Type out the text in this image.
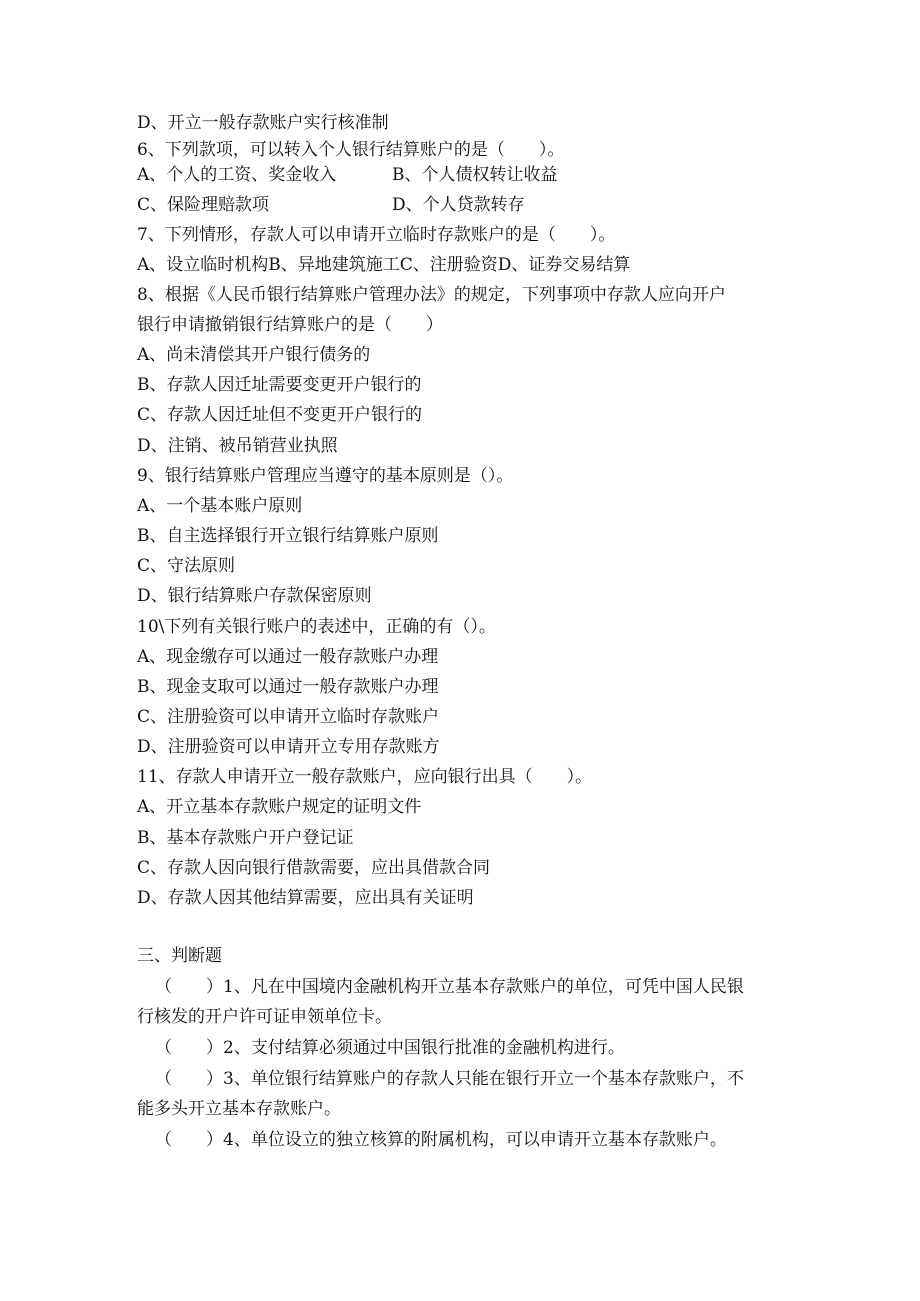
D、开立一般存款账户实行核准制

6、下列款项，可以转入个人银行结算账户的是（　　）。

A、个人的工资、奖金收入	B、个人债权转让收益

C、保险理赔款项	D、个人贷款转存

7、下列情形，存款人可以申请开立临时存款账户的是（　　）。

A、设立临时机构B、异地建筑施工C、注册验资D、证券交易结算

8、根据《人民币银行结算账户管理办法》的规定，下列事项中存款人应向开户

银行申请撤销银行结算账户的是（　　）

A、尚未清偿其开户银行债务的

B、存款人因迁址需要变更开户银行的

C、存款人因迁址但不变更开户银行的

D、注销、被吊销营业执照

9、银行结算账户管理应当遵守的基本原则是（）。

A、一个基本账户原则

B、自主选择银行开立银行结算账户原则

C、守法原则

D、银行结算账户存款保密原则

10\下列有关银行账户的表述中，正确的有（）。

A、现金缴存可以通过一般存款账户办理

B、现金支取可以通过一般存款账户办理

C、注册验资可以申请开立临时存款账户

D、注册验资可以申请开立专用存款账方

11、存款人申请开立一般存款账户，应向银行出具（　　）。

A、开立基本存款账户规定的证明文件

B、基本存款账户开户登记证

C、存款人因向银行借款需要，应出具借款合同

D、存款人因其他结算需要，应出具有关证明

三、判断题

（　　）1、凡在中国境内金融机构开立基本存款账户的单位，可凭中国人民银

行核发的开户许可证申领单位卡。

（　　）2、支付结算必须通过中国银行批准的金融机构进行。

（　　）3、单位银行结算账户的存款人只能在银行开立一个基本存款账户，不

能多头开立基本存款账户。

（　　）4、单位设立的独立核算的附属机构，可以申请开立基本存款账户。
